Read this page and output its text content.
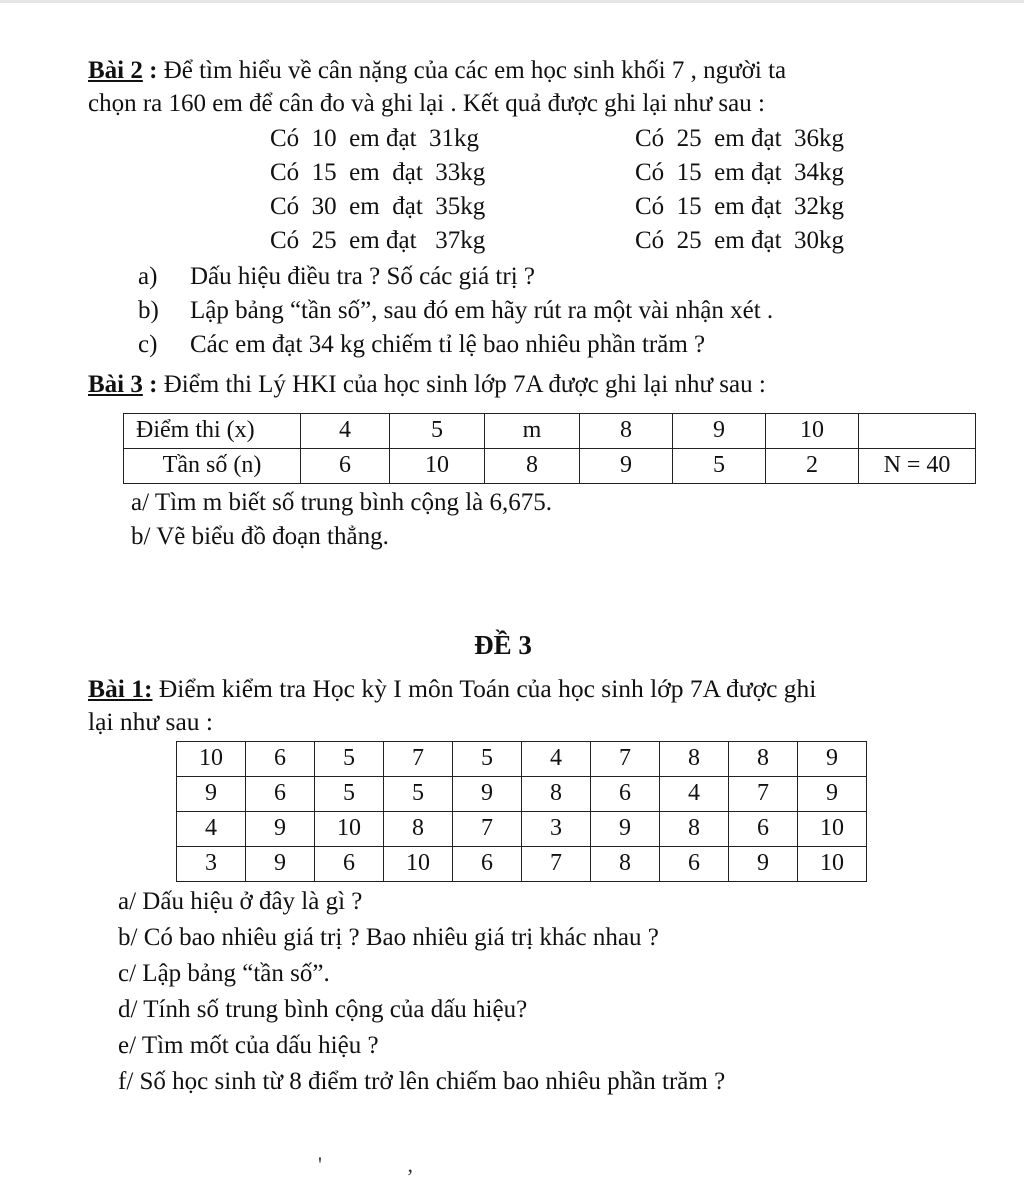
Bài 2 : Để tìm hiểu về cân nặng của các em học sinh khối 7 , người ta
chọn ra 160 em để cân đo và ghi lại . Kết quả được ghi lại như sau :

Có  10  em đạt  31kg	Có  25  em đạt  36kg
Có  15  em  đạt  33kg	Có  15  em đạt  34kg
Có  30  em  đạt  35kg	Có  15  em đạt  32kg
Có  25  em đạt   37kg	Có  25  em đạt  30kg
a)	Dấu hiệu điều tra ? Số các giá trị ?
b)	Lập bảng “tần số”, sau đó em hãy rút ra một vài nhận xét .
c)	Các em đạt 34 kg chiếm tỉ lệ bao nhiêu phần trăm ?

Bài 3 : Điểm thi Lý HKI của học sinh lớp 7A được ghi lại như sau :

Điểm thi (x)	4	5	m	8	9	10	
Tần số (n)	6	10	8	9	5	2	N = 40
a/ Tìm m biết số trung bình cộng là 6,675.
b/ Vẽ biểu đồ đoạn thẳng.
ĐỀ 3

Bài 1: Điểm kiểm tra Học kỳ I môn Toán của học sinh lớp 7A được ghi
lại như sau :

10	6	5	7	5	4	7	8	8	9
9	6	5	5	9	8	6	4	7	9
4	9	10	8	7	3	9	8	6	10
3	9	6	10	6	7	8	6	9	10
a/ Dấu hiệu ở đây là gì ?
b/ Có bao nhiêu giá trị ? Bao nhiêu giá trị khác nhau ?
c/ Lập bảng “tần số”.
d/ Tính số trung bình cộng của dấu hiệu?
e/ Tìm mốt của dấu hiệu ?
f/ Số học sinh từ 8 điểm trở lên chiếm bao nhiêu phần trăm ?
' ,
